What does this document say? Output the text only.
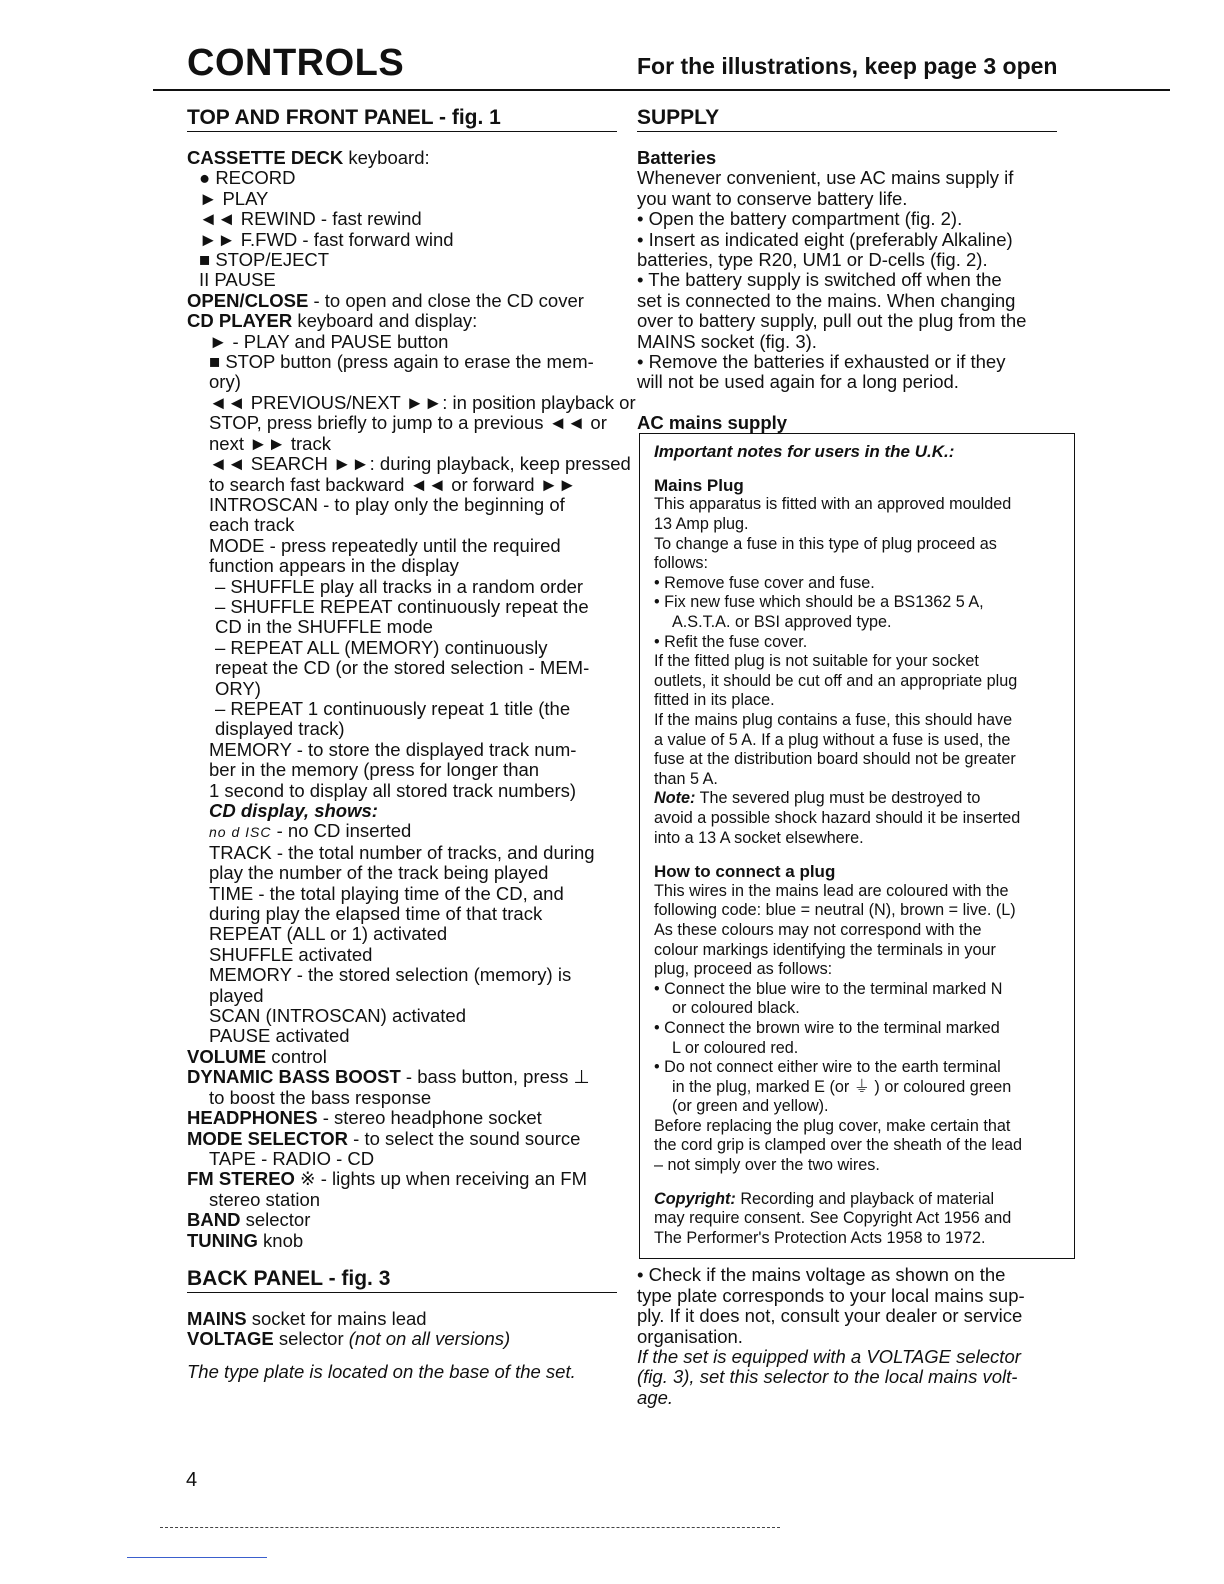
CONTROLS	For the illustrations, keep page 3 open
TOP AND FRONT PANEL - fig. 1
CASSETTE DECK keyboard:
● RECORD
► PLAY
◄◄ REWIND - fast rewind
►► F.FWD - fast forward wind
■ STOP/EJECT
II PAUSE
OPEN/CLOSE - to open and close the CD cover
CD PLAYER keyboard and display:
► - PLAY and PAUSE button
■ STOP button (press again to erase the mem-
ory)
◄◄ PREVIOUS/NEXT ►►: in position playback or
STOP, press briefly to jump to a previous ◄◄ or
next ►► track
◄◄ SEARCH ►►: during playback, keep pressed
to search fast backward ◄◄ or forward ►►
INTROSCAN - to play only the beginning of
each track
MODE - press repeatedly until the required
function appears in the display
– SHUFFLE play all tracks in a random order
– SHUFFLE REPEAT continuously repeat the
CD in the SHUFFLE mode
– REPEAT ALL (MEMORY) continuously
repeat the CD (or the stored selection - MEM-
ORY)
– REPEAT 1 continuously repeat 1 title (the
displayed track)
MEMORY - to store the displayed track num-
ber in the memory (press for longer than
1 second to display all stored track numbers)
CD display, shows:
no d ISC - no CD inserted
TRACK - the total number of tracks, and during
play the number of the track being played
TIME - the total playing time of the CD, and
during play the elapsed time of that track
REPEAT (ALL or 1) activated
SHUFFLE activated
MEMORY - the stored selection (memory) is
played
SCAN (INTROSCAN) activated
PAUSE activated
VOLUME control
DYNAMIC BASS BOOST - bass button, press ⊥
to boost the bass response
HEADPHONES - stereo headphone socket
MODE SELECTOR - to select the sound source
TAPE - RADIO - CD
FM STEREO ※ - lights up when receiving an FM
stereo station
BAND selector
TUNING knob
BACK PANEL - fig. 3
MAINS socket for mains lead
VOLTAGE selector (not on all versions)
The type plate is located on the base of the set.
SUPPLY
Batteries
Whenever convenient, use AC mains supply if
you want to conserve battery life.
• Open the battery compartment (fig. 2).
• Insert as indicated eight (preferably Alkaline)
batteries, type R20, UM1 or D-cells (fig. 2).
• The battery supply is switched off when the
set is connected to the mains. When changing
over to battery supply, pull out the plug from the
MAINS socket (fig. 3).
• Remove the batteries if exhausted or if they
will not be used again for a long period.
AC mains supply
Important notes for users in the U.K.:
Mains Plug
This apparatus is fitted with an approved moulded
13 Amp plug.
To change a fuse in this type of plug proceed as
follows:
• Remove fuse cover and fuse.
• Fix new fuse which should be a BS1362 5 A,
A.S.T.A. or BSI approved type.
• Refit the fuse cover.
If the fitted plug is not suitable for your socket
outlets, it should be cut off and an appropriate plug
fitted in its place.
If the mains plug contains a fuse, this should have
a value of 5 A. If a plug without a fuse is used, the
fuse at the distribution board should not be greater
than 5 A.
Note: The severed plug must be destroyed to
avoid a possible shock hazard should it be inserted
into a 13 A socket elsewhere.
How to connect a plug
This wires in the mains lead are coloured with the
following code: blue = neutral (N), brown = live. (L)
As these colours may not correspond with the
colour markings identifying the terminals in your
plug, proceed as follows:
• Connect the blue wire to the terminal marked N
or coloured black.
• Connect the brown wire to the terminal marked
L or coloured red.
• Do not connect either wire to the earth terminal
in the plug, marked E (or ⏚ ) or coloured green
(or green and yellow).
Before replacing the plug cover, make certain that
the cord grip is clamped over the sheath of the lead
– not simply over the two wires.
Copyright: Recording and playback of material
may require consent. See Copyright Act 1956 and
The Performer's Protection Acts 1958 to 1972.
• Check if the mains voltage as shown on the
type plate corresponds to your local mains sup-
ply. If it does not, consult your dealer or service
organisation.
If the set is equipped with a VOLTAGE selector
(fig. 3), set this selector to the local mains volt-
age.
4
